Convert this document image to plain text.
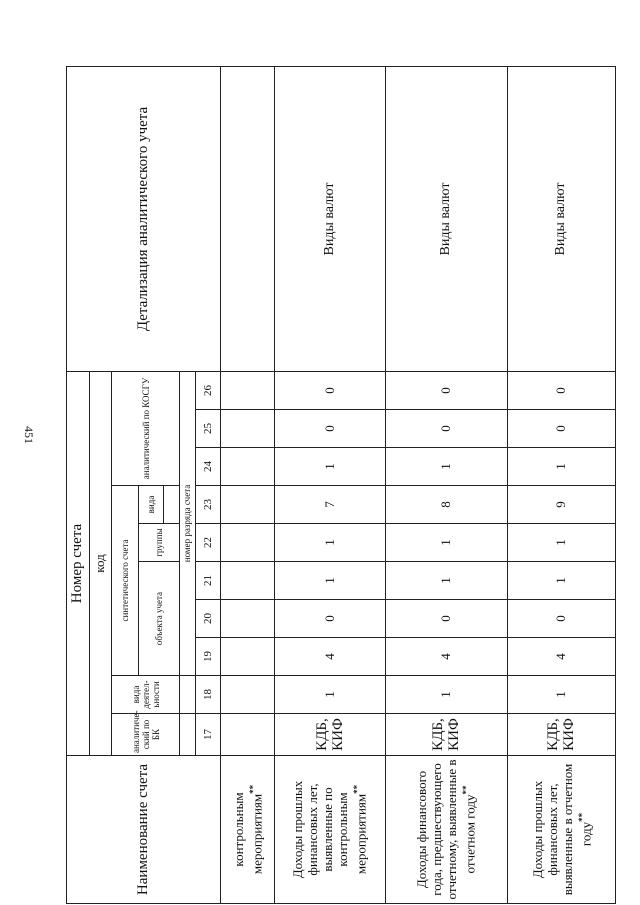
451
Наименование счета	Номер счета										Детализация аналитического учета
	код										
	аналитический по БК	вида деятельности	синтетического счета					аналитический по КОСГУ			
			объекта учета			группы	вида				

			номер разряда счета								
	17	18	19	20	21	22	23	24	25	26	
контрольным мероприятиям**											
Доходы прошлых финансовых лет, выявленные по контрольным мероприятиям**	КДБ, КИФ	1	4	0	1	1	7	1	0	0	Виды валют
Доходы финансового года, предшествующего отчетному, выявленные в отчетном году**	КДБ, КИФ	1	4	0	1	1	8	1	0	0	Виды валют
Доходы прошлых финансовых лет, выявленные в отчетном году**	КДБ, КИФ	1	4	0	1	1	9	1	0	0	Виды валют
